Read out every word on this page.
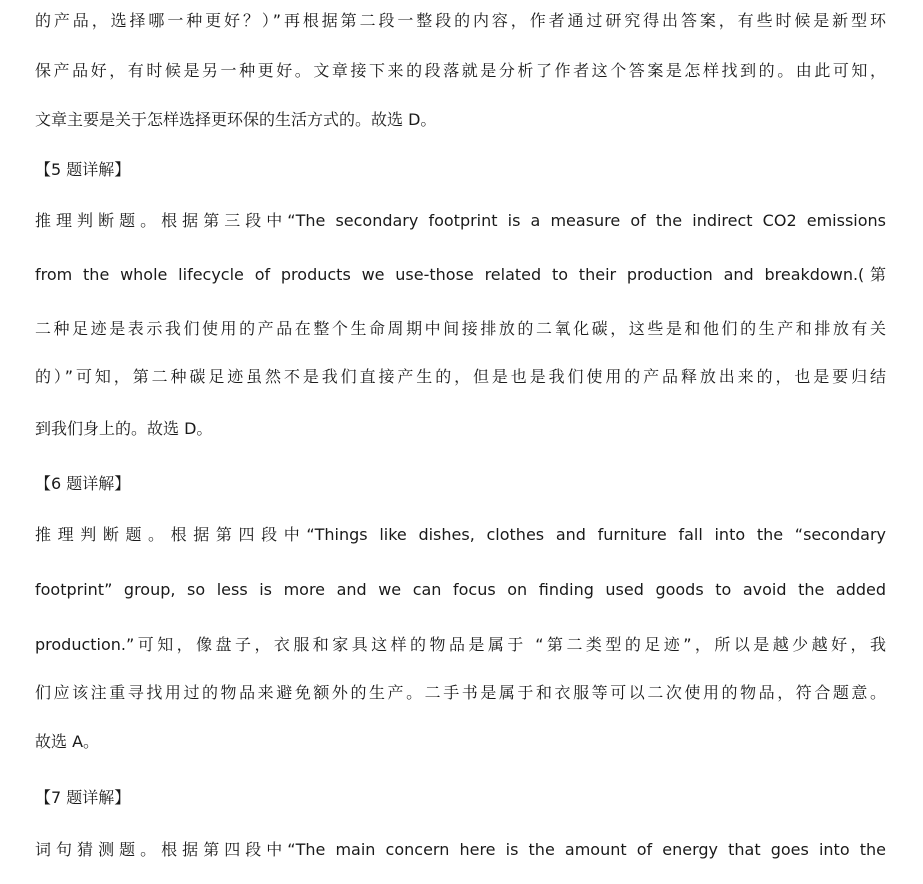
的产品，选择哪一种更好？）”再根据第二段一整段的内容，作者通过研究得出答案，有些时候是新型环
保产品好，有时候是另一种更好。文章接下来的段落就是分析了作者这个答案是怎样找到的。由此可知，
文章主要是关于怎样选择更环保的生活方式的。故选 D。
【5 题详解】
推理判断题。根据第三段中“The secondary footprint is a measure of the indirect CO2 emissions
from the whole lifecycle of products we use-those related to their production and breakdown.(第
二种足迹是表示我们使用的产品在整个生命周期中间接排放的二氧化碳，这些是和他们的生产和排放有关
的）”可知，第二种碳足迹虽然不是我们直接产生的，但是也是我们使用的产品释放出来的，也是要归结
到我们身上的。故选 D。
【6 题详解】
推理判断题。根据第四段中“Things like dishes, clothes and furniture fall into the “secondary
footprint” group, so less is more and we can focus on finding used goods to avoid the added
production.”可知，像盘子，衣服和家具这样的物品是属于 “第二类型的足迹”，所以是越少越好，我
们应该注重寻找用过的物品来避免额外的生产。二手书是属于和衣服等可以二次使用的物品，符合题意。
故选 A。
【7 题详解】
词句猜测题。根据第四段中“The main concern here is the amount of energy that goes into the
